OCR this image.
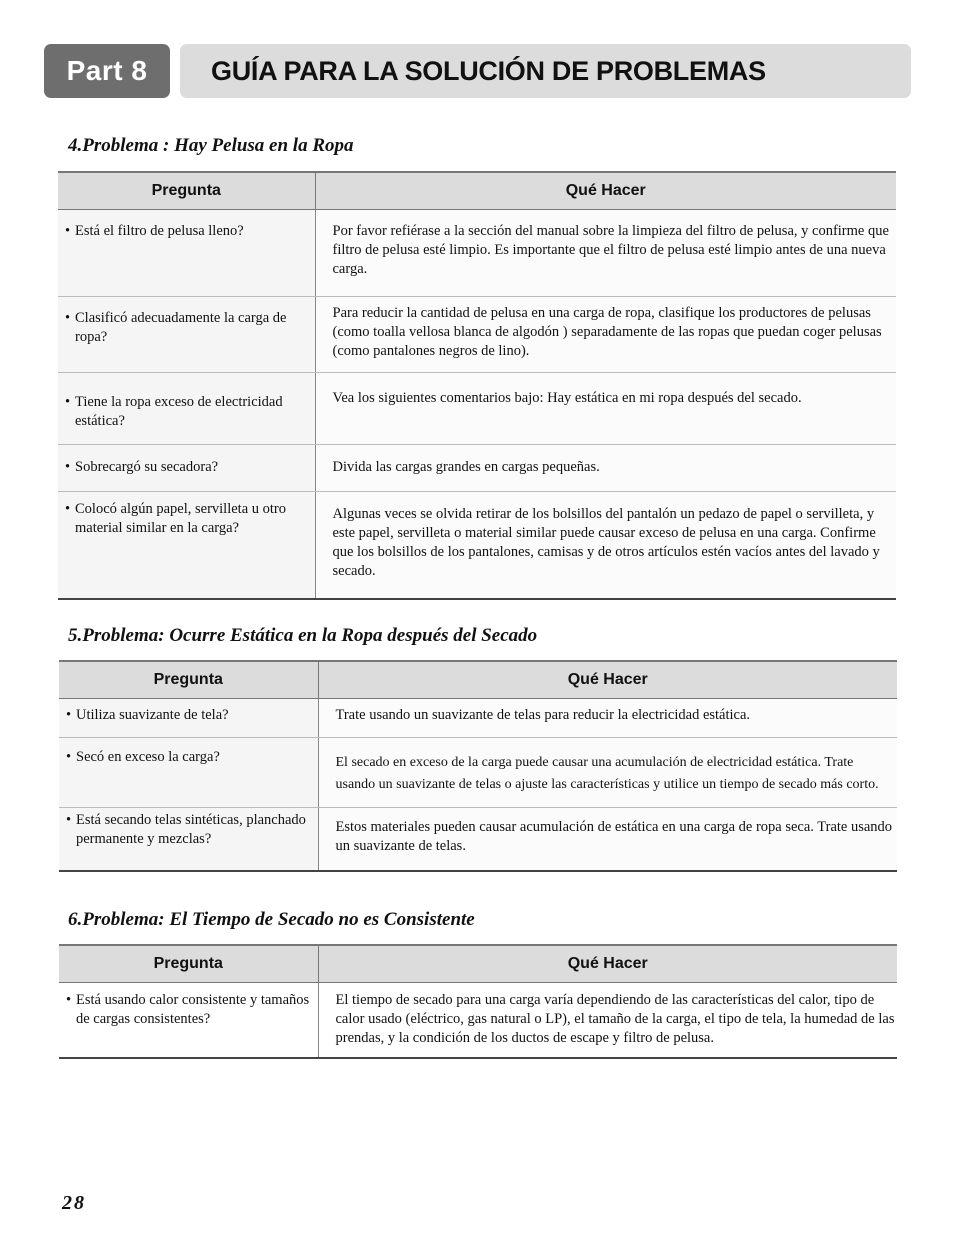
Part 8	GUÍA PARA LA SOLUCIÓN DE PROBLEMAS
4.Problema : Hay Pelusa en la Ropa
Pregunta	Qué Hacer

• Está el filtro de pelusa lleno?	Por favor refiérase a la sección del manual sobre la limpieza del filtro de pelusa, y confirme que filtro de pelusa esté limpio. Es importante que el filtro de pelusa esté limpio antes de una nueva carga.

• Clasificó adecuadamente la carga de ropa?	Para reducir la cantidad de pelusa en una carga de ropa, clasifique los productores de pelusas (como toalla vellosa blanca de algodón ) separadamente de las ropas que puedan coger pelusas (como pantalones negros de lino).

• Tiene la ropa exceso de electricidad estática?	Vea los siguientes comentarios bajo: Hay estática en mi ropa después del secado.

• Sobrecargó su secadora?	Divida las cargas grandes en cargas pequeñas.

• Colocó algún papel, servilleta u otro material similar en la carga?	Algunas veces se olvida retirar de los bolsillos del pantalón un pedazo de papel o servilleta, y este papel, servilleta o material similar puede causar exceso de pelusa en una carga. Confirme que los bolsillos de los pantalones, camisas y de otros artículos estén vacíos antes del lavado y secado.
5.Problema: Ocurre Estática en la Ropa después del Secado
Pregunta	Qué Hacer

• Utiliza suavizante de tela?	Trate usando un suavizante de telas para reducir la electricidad estática.

• Secó en exceso la carga?	El secado en exceso de la carga puede causar una acumulación de electricidad estática. Trate usando un suavizante de telas o ajuste las características y utilice un tiempo de secado más corto.

• Está secando telas sintéticas, planchado permanente y mezclas?	Estos materiales pueden causar acumulación de estática en una carga de ropa seca. Trate usando un suavizante de telas.
6.Problema: El Tiempo de Secado no es Consistente
Pregunta	Qué Hacer

• Está usando calor consistente y tamaños de cargas consistentes?	El tiempo de secado para una carga varía dependiendo de las características del calor, tipo de calor usado (eléctrico, gas natural o LP), el tamaño de la carga, el tipo de tela, la humedad de las prendas, y la condición de los ductos de escape y filtro de pelusa.
28
